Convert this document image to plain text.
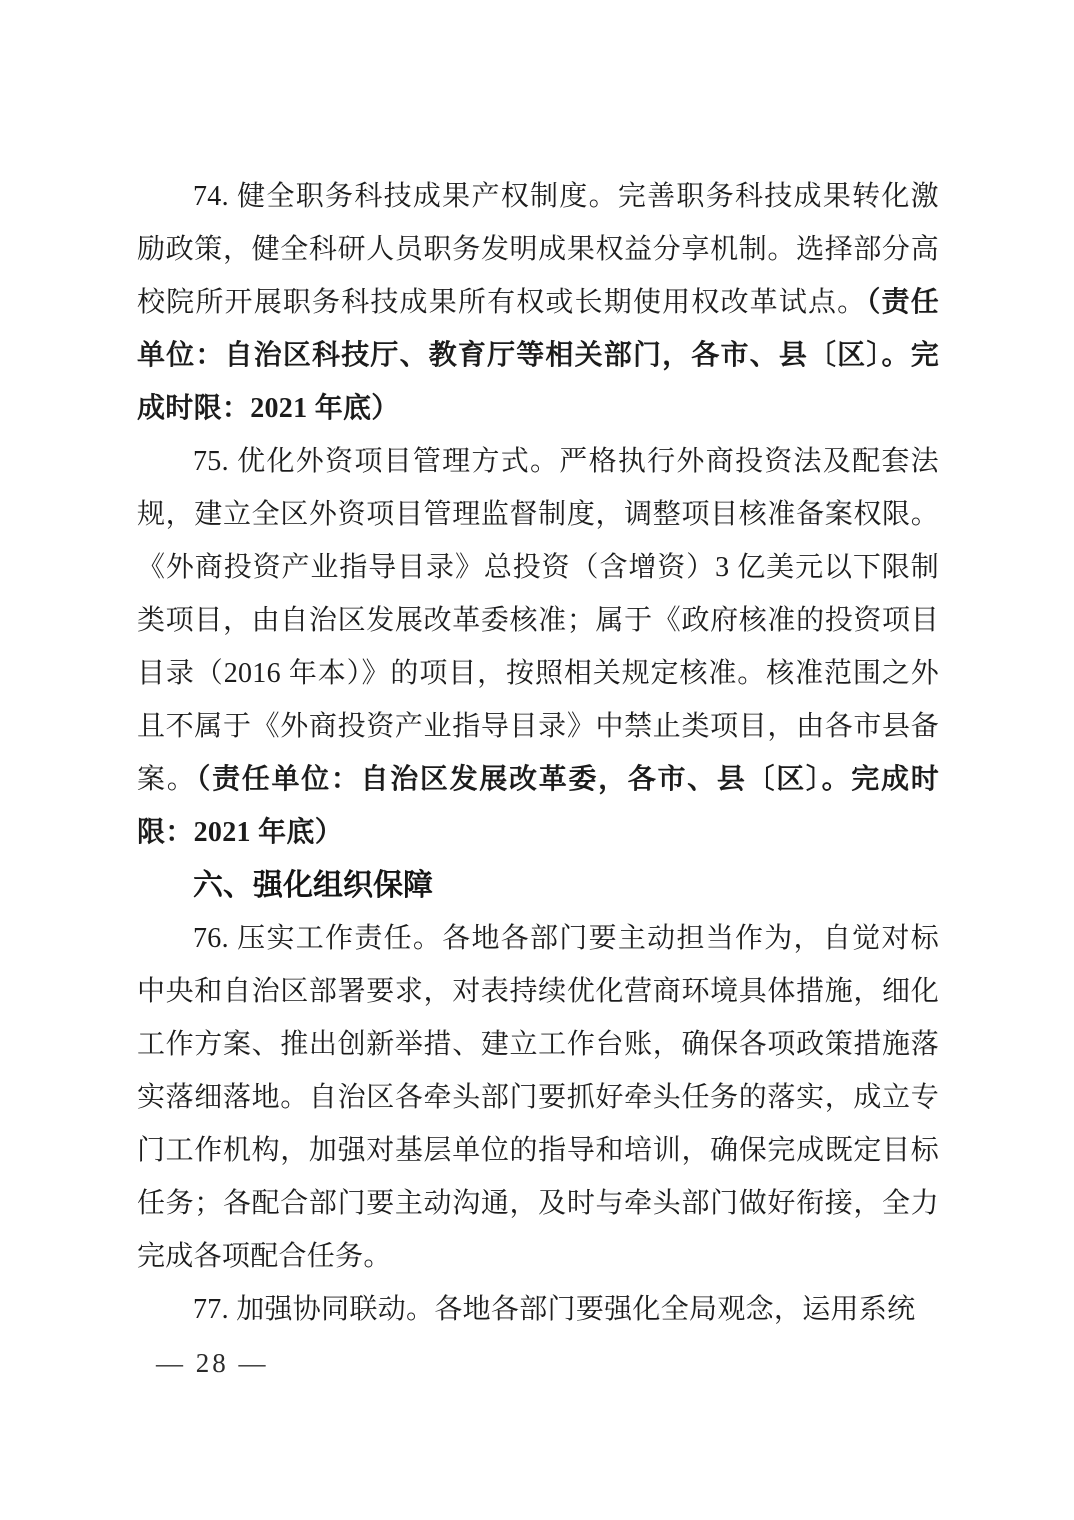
74. 健全职务科技成果产权制度。完善职务科技成果转化激励政策，健全科研人员职务发明成果权益分享机制。选择部分高校院所开展职务科技成果所有权或长期使用权改革试点。（责任单位：自治区科技厅、教育厅等相关部门，各市、县〔区〕。完成时限：2021 年底）

75. 优化外资项目管理方式。严格执行外商投资法及配套法规，建立全区外资项目管理监督制度，调整项目核准备案权限。《外商投资产业指导目录》总投资（含增资）3 亿美元以下限制类项目，由自治区发展改革委核准；属于《政府核准的投资项目目录（2016 年本）》的项目，按照相关规定核准。核准范围之外且不属于《外商投资产业指导目录》中禁止类项目，由各市县备案。（责任单位：自治区发展改革委，各市、县〔区〕。完成时限：2021 年底）

六、强化组织保障

76. 压实工作责任。各地各部门要主动担当作为，自觉对标中央和自治区部署要求，对表持续优化营商环境具体措施，细化工作方案、推出创新举措、建立工作台账，确保各项政策措施落实落细落地。自治区各牵头部门要抓好牵头任务的落实，成立专门工作机构，加强对基层单位的指导和培训，确保完成既定目标任务；各配合部门要主动沟通，及时与牵头部门做好衔接，全力完成各项配合任务。

77. 加强协同联动。各地各部门要强化全局观念，运用系统

— 28 —
